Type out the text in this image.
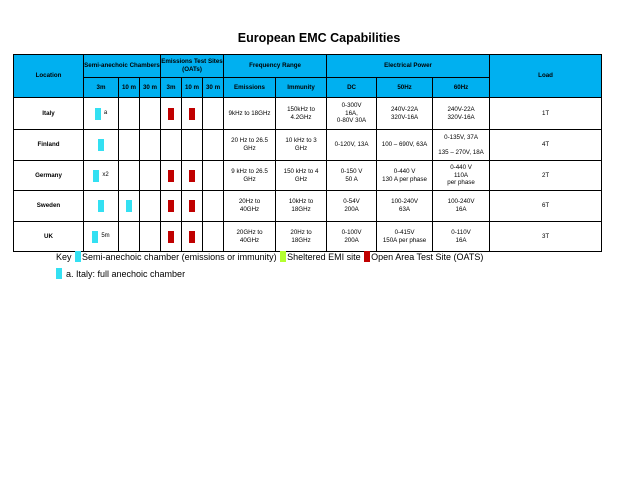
European EMC Capabilities
Location	Semi-anechoic Chambers			Emissions Test Sites (OATs)			Frequency Range		Electrical Power			Load
	3m	10 m	30 m	3m	10 m	30 m	Emissions	Immunity	DC	50Hz	60Hz	
Italy	a						9kHz to 18GHz	150kHz to
4.2GHz	0-300V
16A,
0-80V 30A	240V-22A
320V-16A	240V-22A
320V-16A	1T
Finland							20 Hz to 26.5
GHz	10 kHz to 3
GHz	0-120V, 13A	100 – 690V, 63A	0-135V, 37A
135 – 270V, 18A	4T
Germany	x2						9 kHz to 26.5
GHz	150 kHz to 4
GHz	0-150 V
50 A	0-440 V
130 A per phase	0-440 V
110A
per phase	2T
Sweden							20Hz to
40GHz	10kHz to
18GHz	0-54V
200A	100-240V
63A	100-240V
16A	6T
UK	5m						20GHz to
40GHz	20Hz to
18GHz	0-100V
200A	0-415V
150A per phase	0-110V
16A	3T
Key Semi-anechoic chamber (emissions or immunity) Sheltered EMI site Open Area Test Site (OATS)
a. Italy: full anechoic chamber
